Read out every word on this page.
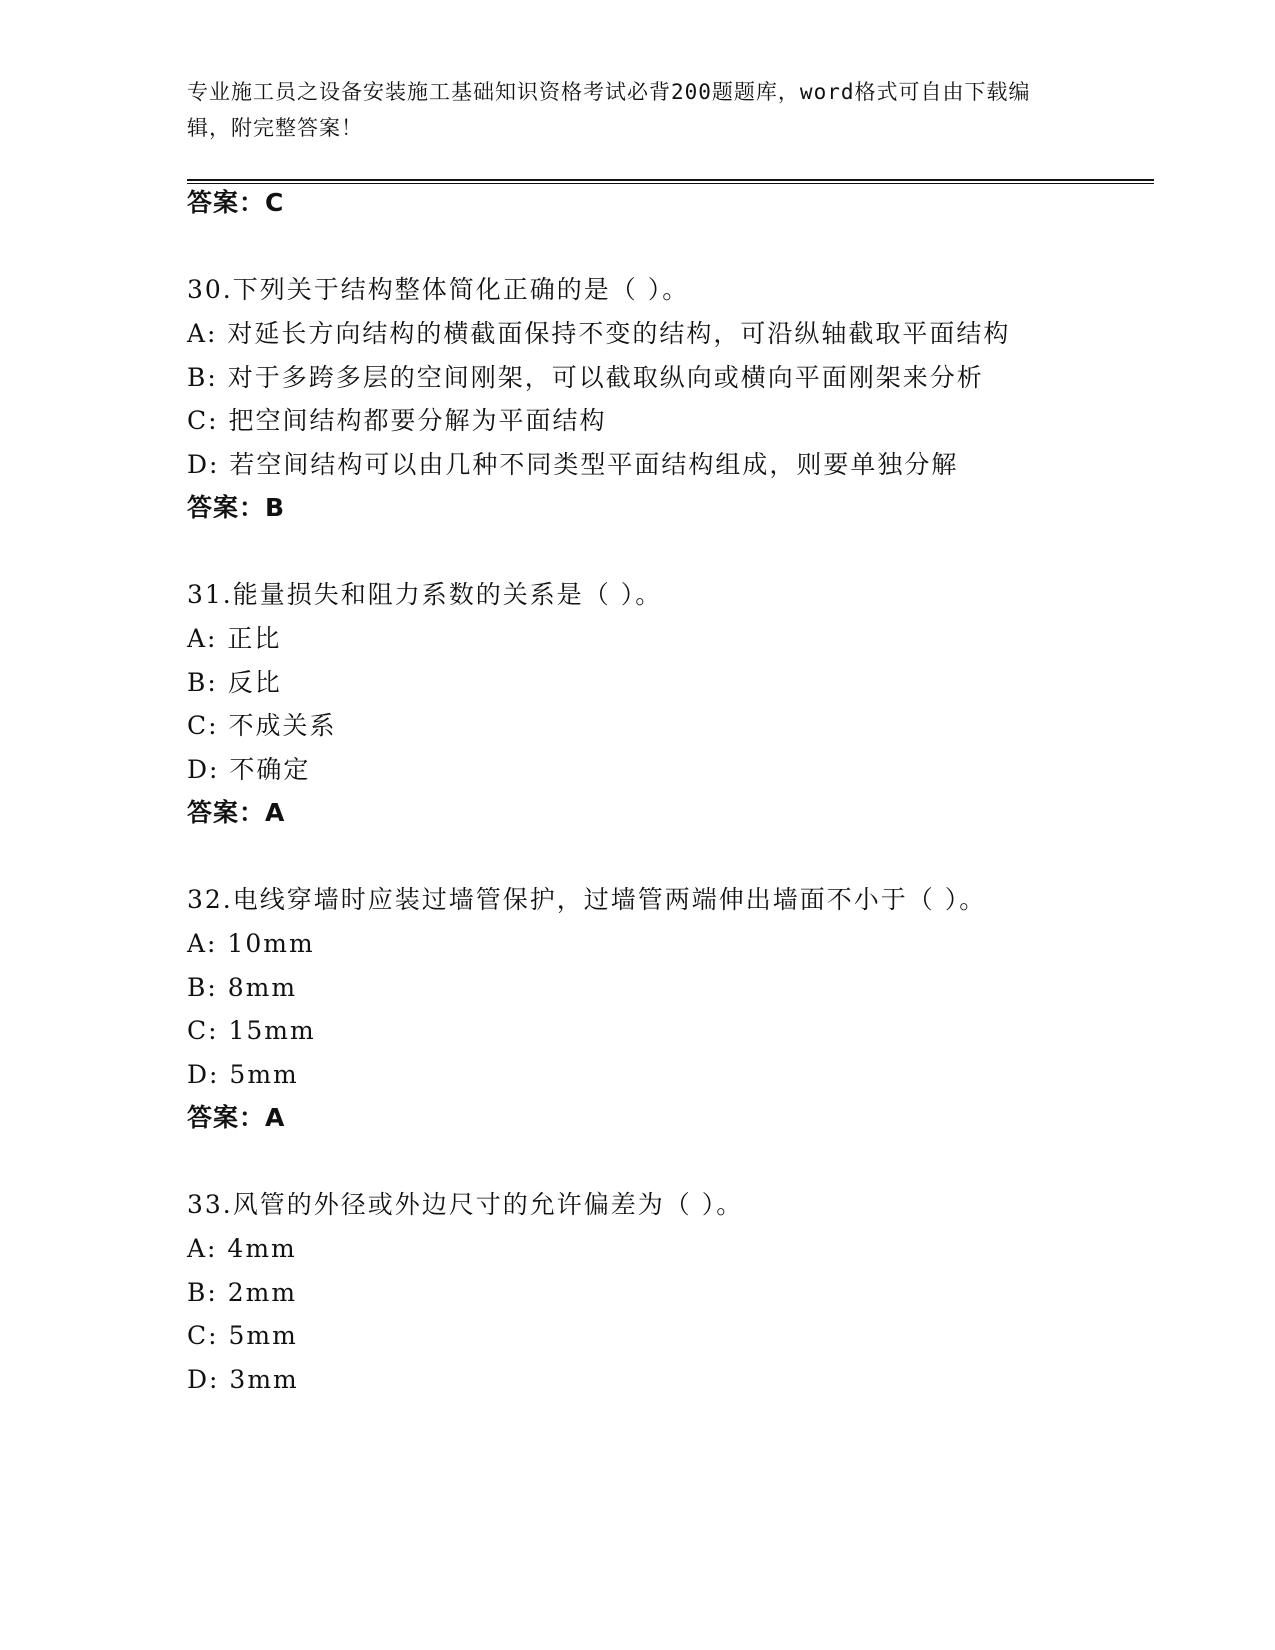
专业施工员之设备安装施工基础知识资格考试必背200题题库，word格式可自由下载编辑，附完整答案！
答案：C
30.下列关于结构整体简化正确的是（ ）。
A: 对延长方向结构的横截面保持不变的结构，可沿纵轴截取平面结构
B: 对于多跨多层的空间刚架，可以截取纵向或横向平面刚架来分析
C: 把空间结构都要分解为平面结构
D: 若空间结构可以由几种不同类型平面结构组成，则要单独分解
答案：B
31.能量损失和阻力系数的关系是（ ）。
A: 正比
B: 反比
C: 不成关系
D: 不确定
答案：A
32.电线穿墙时应装过墙管保护，过墙管两端伸出墙面不小于（ ）。
A: 10mm
B: 8mm
C: 15mm
D: 5mm
答案：A
33.风管的外径或外边尺寸的允许偏差为（ ）。
A: 4mm
B: 2mm
C: 5mm
D: 3mm
